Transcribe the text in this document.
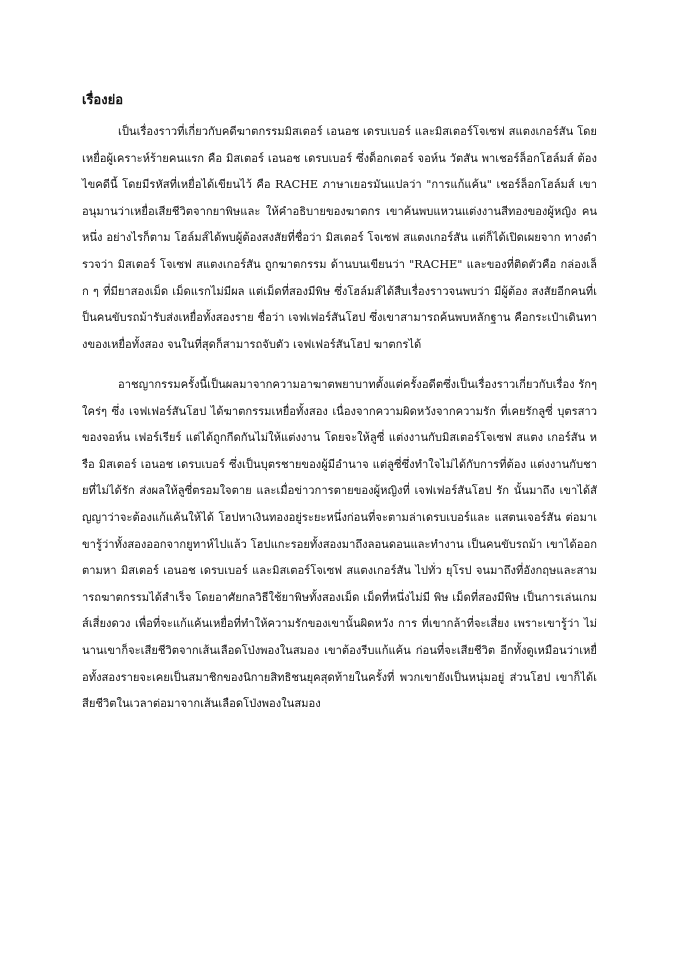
เรื่องย่อ

เป็นเรื่องราวที่เกี่ยวกับคดีฆาตกรรมมิสเตอร์ เอนอช เดรบเบอร์ และมิสเตอร์โจเซฟ สแตงเกอร์สัน โดยเหยื่อผู้เคราะห์ร้ายคนแรก คือ มิสเตอร์ เอนอช เดรบเบอร์ ซึ่งด็อกเตอร์ จอห์น วัตสัน พาเชอร์ล็อกโฮล์มส์ ต้องไขคดีนี้ โดยมีรหัสที่เหยื่อได้เขียนไว้ คือ RACHE ภาษาเยอรมันแปลว่า "การแก้แค้น" เชอร์ล็อกโฮล์มส์ เขาอนุมานว่าเหยื่อเสียชีวิตจากยาพิษและ ให้คำอธิบายของฆาตกร เขาค้นพบแหวนแต่งงานสีทองของผู้หญิง คนหนึ่ง อย่างไรก็ตาม โฮล์มส์ได้พบผู้ต้องสงสัยที่ชื่อว่า มิสเตอร์ โจเซฟ สแตงเกอร์สัน แต่ก็ได้เปิดเผยจาก ทางตำรวจว่า มิสเตอร์ โจเซฟ สแตงเกอร์สัน ถูกฆาตกรรม ด้านบนเขียนว่า "RACHE" และของที่ติดตัวคือ กล่องเล็ก ๆ ที่มียาสองเม็ด เม็ดแรกไม่มีผล แต่เม็ดที่สองมีพิษ ซึ่งโฮล์มส์ได้สืบเรื่องราวจนพบว่า มีผู้ต้อง สงสัยอีกคนที่เป็นคนขับรถม้ารับส่งเหยื่อทั้งสองราย ชื่อว่า เจฟเฟอร์สันโฮป ซึ่งเขาสามารถค้นพบหลักฐาน คือกระเป๋าเดินทางของเหยื่อทั้งสอง จนในที่สุดก็สามารถจับตัว เจฟเฟอร์สันโฮป ฆาตกรได้

อาชญากรรมครั้งนี้เป็นผลมาจากความอาฆาตพยาบาทตั้งแต่ครั้งอดีตซึ่งเป็นเรื่องราวเกี่ยวกับเรื่อง รักๆ ใคร่ๆ ซึ่ง เจฟเฟอร์สันโฮป ได้ฆาตกรรมเหยื่อทั้งสอง เนื่องจากความผิดหวังจากความรัก ที่เคยรักลูซี่ บุตรสาวของจอห์น เฟอร์เรียร์ แต่ได้ถูกกีดกันไม่ให้แต่งงาน โดยจะให้ลูซี่ แต่งงานกับมิสเตอร์โจเซฟ สแตง เกอร์สัน หรือ มิสเตอร์ เอนอช เดรบเบอร์ ซึ่งเป็นบุตรชายของผู้มีอำนาจ แต่ลูซี่ซึ่งทำใจไม่ได้กับการที่ต้อง แต่งงานกับชายที่ไม่ได้รัก ส่งผลให้ลูซี่ตรอมใจตาย และเมื่อข่าวการตายของผู้หญิงที่ เจฟเฟอร์สันโฮป รัก นั้นมาถึง เขาได้สัญญาว่าจะต้องแก้แค้นให้ได้ โฮปหาเงินทองอยู่ระยะหนึ่งก่อนที่จะตามล่าเดรบเบอร์และ แสตนเจอร์สัน ต่อมาเขารู้ว่าทั้งสองออกจากยูทาห์ไปแล้ว โฮปแกะรอยทั้งสองมาถึงลอนดอนและทำงาน เป็นคนขับรถม้า เขาได้ออกตามหา มิสเตอร์ เอนอช เดรบเบอร์ และมิสเตอร์โจเซฟ สแตงเกอร์สัน ไปทั่ว ยุโรป จนมาถึงที่อังกฤษและสามารถฆาตกรรมได้สำเร็จ โดยอาศัยกลวิธีใช้ยาพิษทั้งสองเม็ด เม็ดที่หนึ่งไม่มี พิษ เม็ดที่สองมีพิษ เป็นการเล่นเกมส์เสี่ยงดวง เพื่อที่จะแก้แค้นเหยื่อที่ทำให้ความรักของเขานั้นผิดหวัง การ ที่เขากล้าที่จะเสี่ยง เพราะเขารู้ว่า ไม่นานเขาก็จะเสียชีวิตจากเส้นเลือดโป่งพองในสมอง เขาต้องรีบแก้แค้น ก่อนที่จะเสียชีวิต อีกทั้งดูเหมือนว่าเหยื่อทั้งสองรายจะเคยเป็นสมาชิกของนิกายสิทธิชนยุคสุดท้ายในครั้งที่ พวกเขายังเป็นหนุ่มอยู่ ส่วนโฮป เขาก็ได้เสียชีวิตในเวลาต่อมาจากเส้นเลือดโป่งพองในสมอง
